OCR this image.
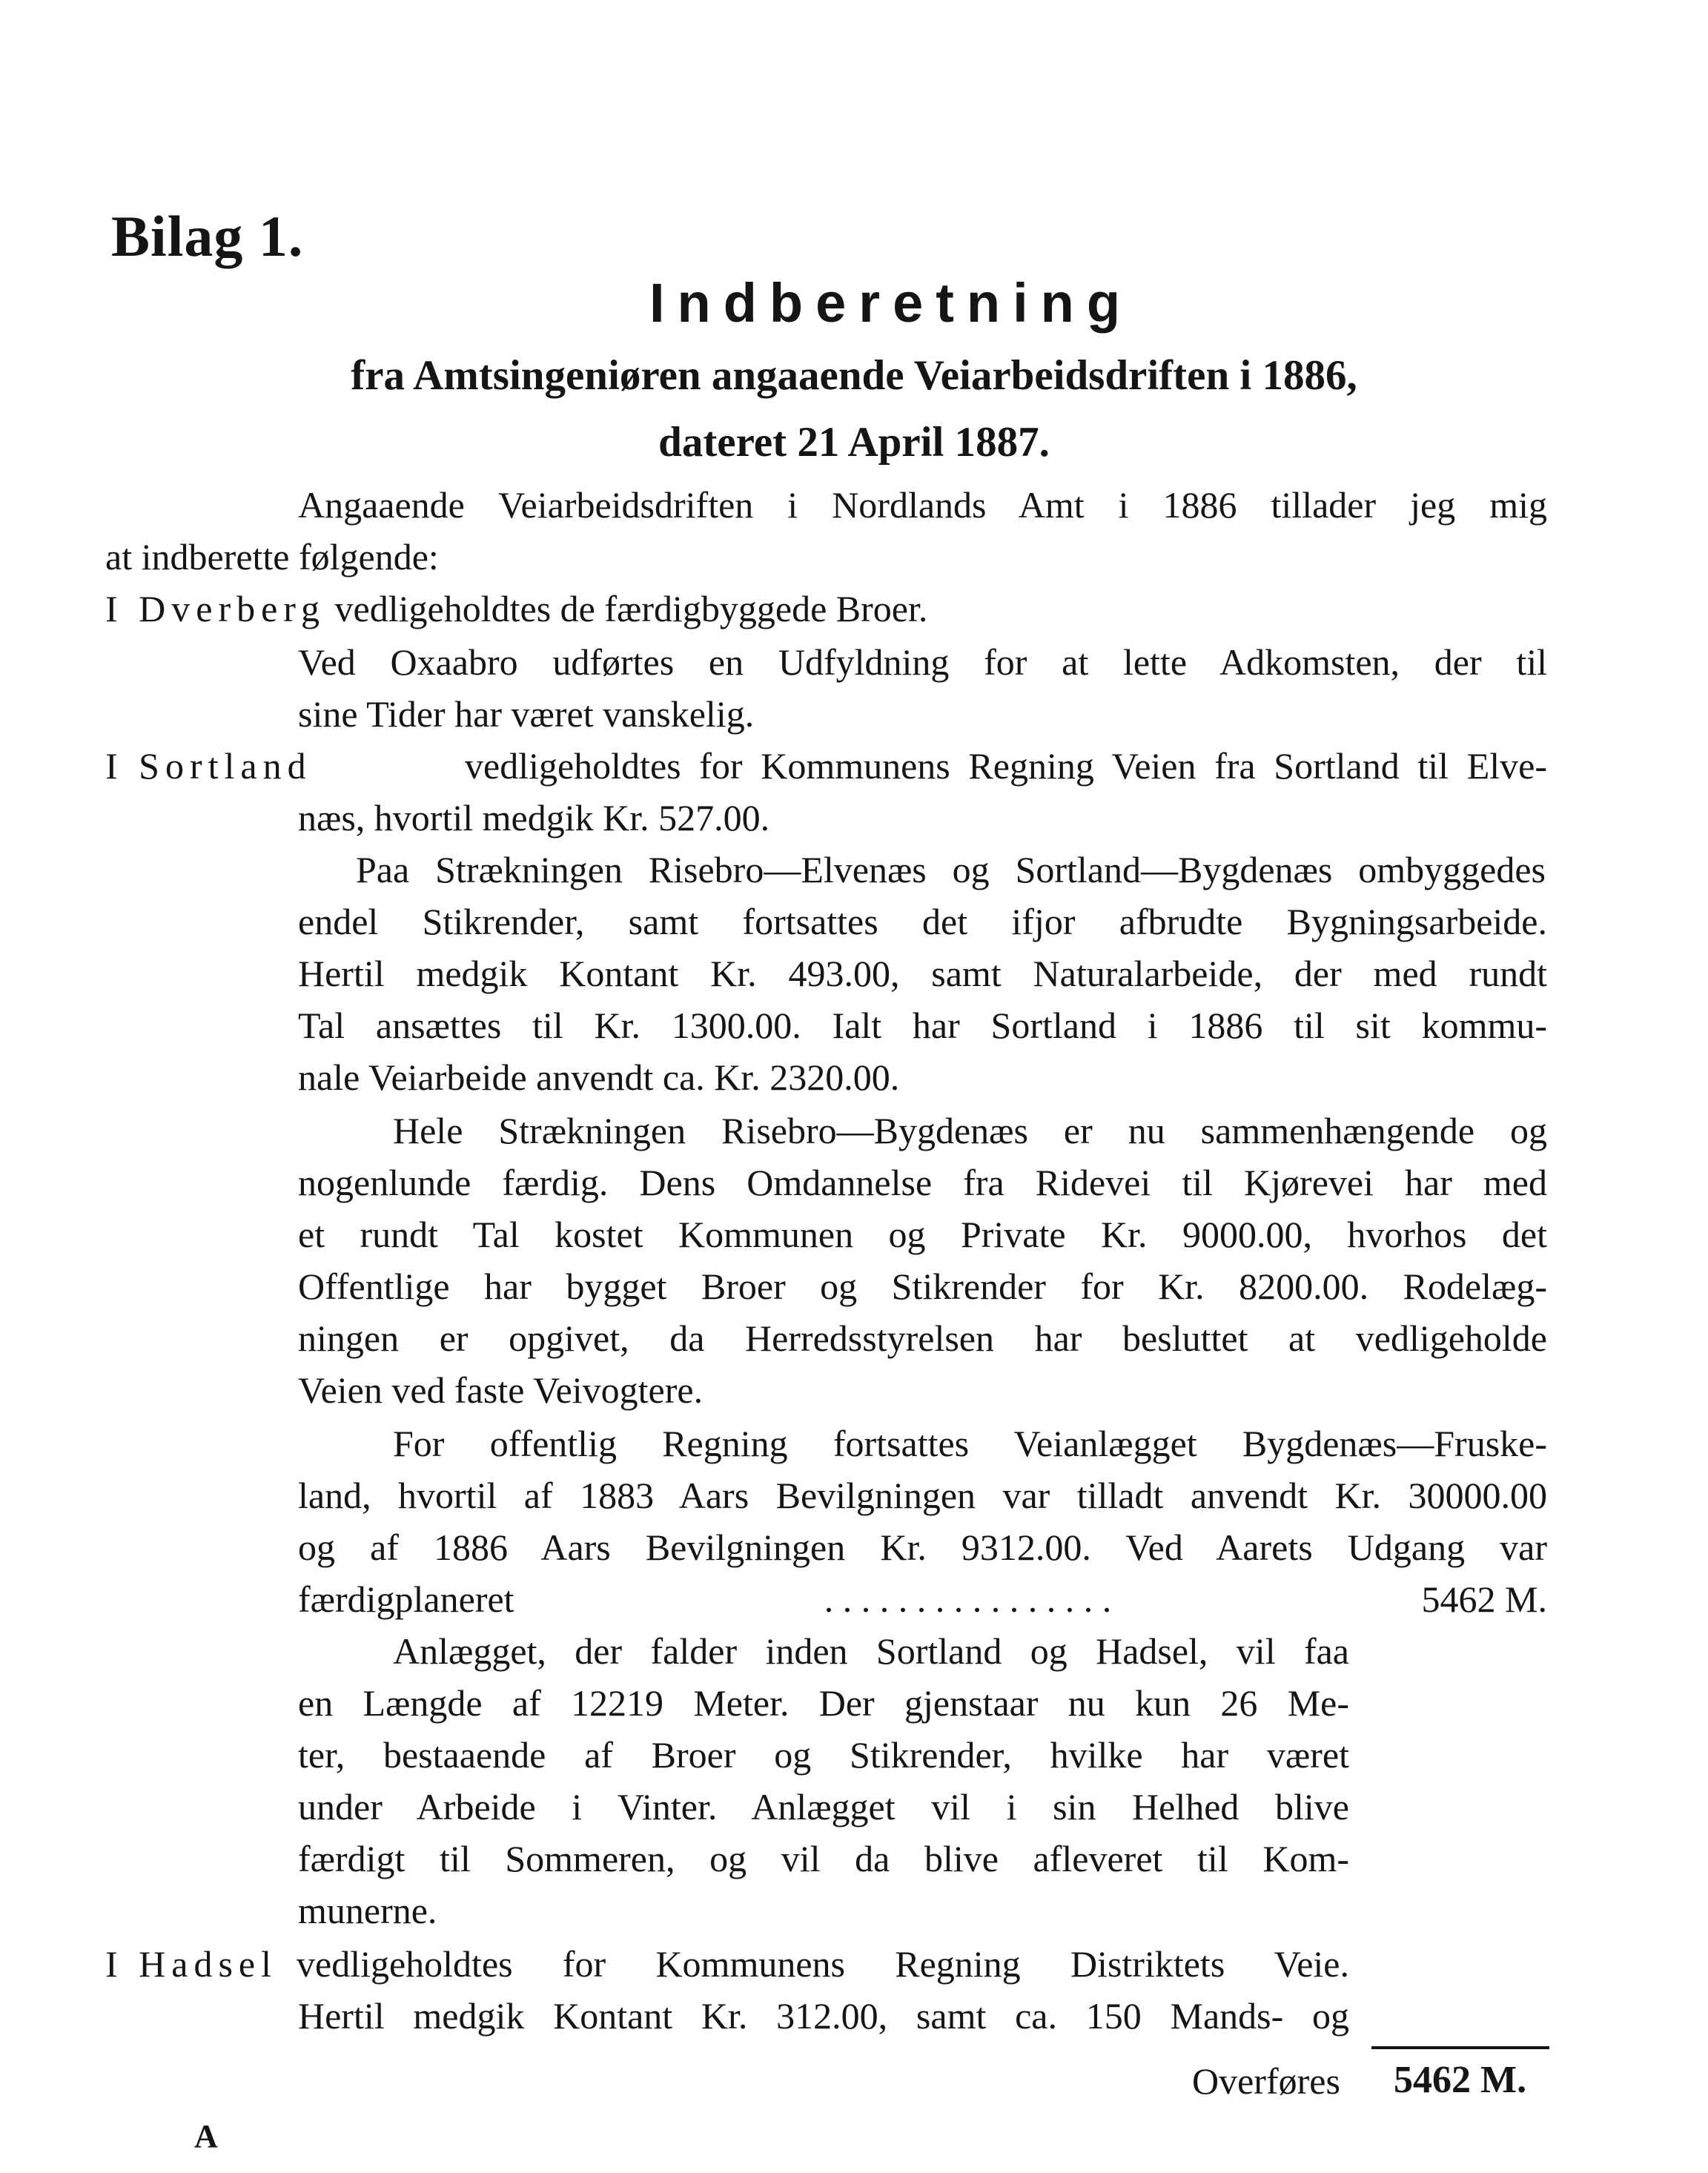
Bilag 1.
Indberetning
fra Amtsingeniøren angaaende Veiarbeidsdriften i 1886,
dateret 21 April 1887.
Angaaende Veiarbeidsdriften i Nordlands Amt i 1886 tillader jeg mig
at indberette følgende:
I Dverberg vedligeholdtes de færdigbyggede Broer.
Ved Oxaabro udførtes en Udfyldning for at lette Adkomsten, der til
sine Tider har været vanskelig.
I Sortland	vedligeholdtes for Kommunens Regning Veien fra Sortland til Elve-
næs, hvortil medgik Kr. 527.00.
Paa Strækningen Risebro—Elvenæs og Sortland—Bygdenæs ombyggedes
endel Stikrender, samt fortsattes det ifjor afbrudte Bygningsarbeide.
Hertil medgik Kontant Kr. 493.00, samt Naturalarbeide, der med rundt
Tal ansættes til Kr. 1300.00. Ialt har Sortland i 1886 til sit kommu-
nale Veiarbeide anvendt ca. Kr. 2320.00.
Hele Strækningen Risebro—Bygdenæs er nu sammenhængende og
nogenlunde færdig. Dens Omdannelse fra Ridevei til Kjørevei har med
et rundt Tal kostet Kommunen og Private Kr. 9000.00, hvorhos det
Offentlige har bygget Broer og Stikrender for Kr. 8200.00. Rodelæg-
ningen er opgivet, da Herredsstyrelsen har besluttet at vedligeholde
Veien ved faste Veivogtere.
For offentlig Regning fortsattes Veianlægget Bygdenæs—Fruske-
land, hvortil af 1883 Aars Bevilgningen var tilladt anvendt Kr. 30000.00
og af 1886 Aars Bevilgningen Kr. 9312.00. Ved Aarets Udgang var
færdigplaneret	. . . . . . . . . . . . . . . .	5462 M.
Anlægget, der falder inden Sortland og Hadsel, vil faa
en Længde af 12219 Meter. Der gjenstaar nu kun 26 Me-
ter, bestaaende af Broer og Stikrender, hvilke har været
under Arbeide i Vinter. Anlægget vil i sin Helhed blive
færdigt til Sommeren, og vil da blive afleveret til Kom-
munerne.
I Hadsel vedligeholdtes for Kommunens Regning Distriktets Veie.
Hertil medgik Kontant Kr. 312.00, samt ca. 150 Mands- og
Overføres 5462 M.
A
